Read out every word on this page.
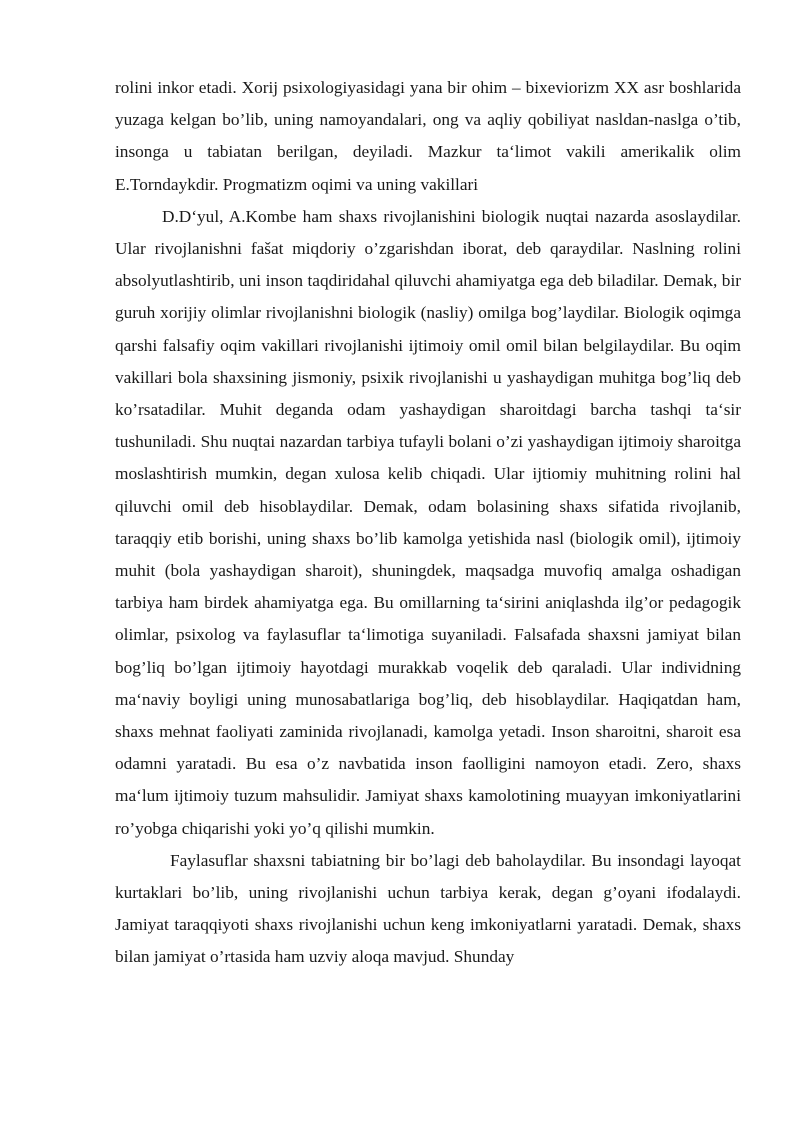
rolini inkor etadi. Xorij psixologiyasidagi yana bir ohim – bixeviorizm XX asr boshlarida yuzaga kelgan bo’lib, uning namoyandalari, ong va aqliy qobiliyat nasldan-naslga o’tib, insonga u tabiatan berilgan, deyiladi. Mazkur ta‘limot vakili amerikalik olim E.Torndaykdir. Progmatizm oqimi va uning vakillari

D.D‘yul, A.Kombe ham shaxs rivojlanishini biologik nuqtai nazarda asoslaydilar. Ular rivojlanishni fašat miqdoriy o’zgarishdan iborat, deb qaraydilar. Naslning rolini absolyutlashtirib, uni inson taqdiridahal qiluvchi ahamiyatga ega deb biladilar. Demak, bir guruh xorijiy olimlar rivojlanishni biologik (nasliy) omilga bog’laydilar. Biologik oqimga qarshi falsafiy oqim vakillari rivojlanishi ijtimoiy omil omil bilan belgilaydilar. Bu oqim vakillari bola shaxsining jismoniy, psixik rivojlanishi u yashaydigan muhitga bog’liq deb ko’rsatadilar. Muhit deganda odam yashaydigan sharoitdagi barcha tashqi ta‘sir tushuniladi. Shu nuqtai nazardan tarbiya tufayli bolani o’zi yashaydigan ijtimoiy sharoitga moslashtirish mumkin, degan xulosa kelib chiqadi. Ular ijtiomiy muhitning rolini hal qiluvchi omil deb hisoblaydilar. Demak, odam bolasining shaxs sifatida rivojlanib, taraqqiy etib borishi, uning shaxs bo’lib kamolga yetishida nasl (biologik omil), ijtimoiy muhit (bola yashaydigan sharoit), shuningdek, maqsadga muvofiq amalga oshadigan tarbiya ham birdek ahamiyatga ega. Bu omillarning ta‘sirini aniqlashda ilg’or pedagogik olimlar, psixolog va faylasuflar ta‘limotiga suyaniladi. Falsafada shaxsni jamiyat bilan bog’liq bo’lgan ijtimoiy hayotdagi murakkab voqelik deb qaraladi. Ular individning ma‘naviy boyligi uning munosabatlariga bog’liq, deb hisoblaydilar. Haqiqatdan ham, shaxs mehnat faoliyati zaminida rivojlanadi, kamolga yetadi. Inson sharoitni, sharoit esa odamni yaratadi. Bu esa o’z navbatida inson faolligini namoyon etadi. Zero, shaxs ma‘lum ijtimoiy tuzum mahsulidir. Jamiyat shaxs kamolotining muayyan imkoniyatlarini ro’yobga chiqarishi yoki yo’q qilishi mumkin.

Faylasuflar shaxsni tabiatning bir bo’lagi deb baholaydilar. Bu insondagi layoqat kurtaklari bo’lib, uning rivojlanishi uchun tarbiya kerak, degan g’oyani ifodalaydi. Jamiyat taraqqiyoti shaxs rivojlanishi uchun keng imkoniyatlarni yaratadi. Demak, shaxs bilan jamiyat o’rtasida ham uzviy aloqa mavjud. Shunday
